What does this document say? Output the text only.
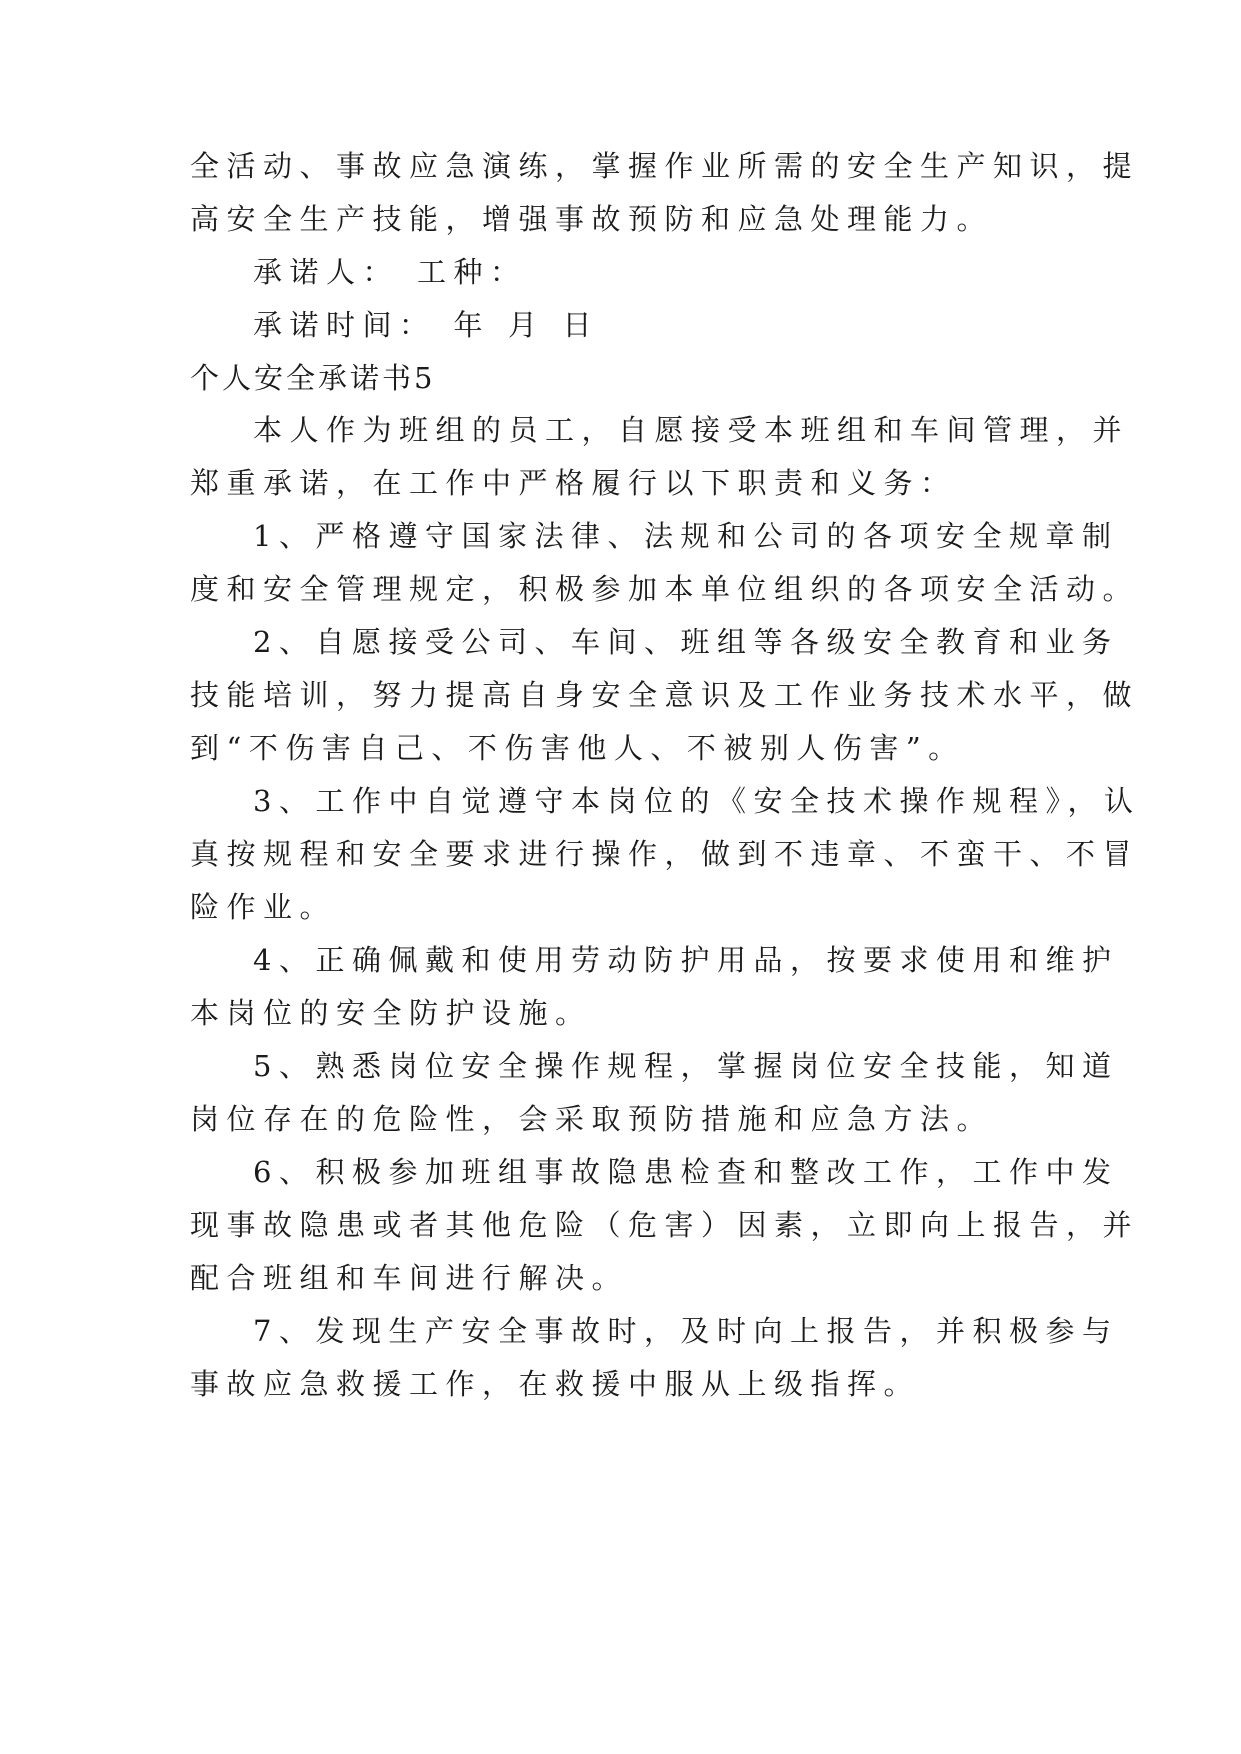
全活动、事故应急演练，掌握作业所需的安全生产知识，提
高安全生产技能，增强事故预防和应急处理能力。
承诺人： 工种：
承诺时间： 年 月 日
个人安全承诺书5
本人作为班组的员工，自愿接受本班组和车间管理，并
郑重承诺，在工作中严格履行以下职责和义务：
1、严格遵守国家法律、法规和公司的各项安全规章制
度和安全管理规定，积极参加本单位组织的各项安全活动。
2、自愿接受公司、车间、班组等各级安全教育和业务
技能培训，努力提高自身安全意识及工作业务技术水平，做
到“不伤害自己、不伤害他人、不被别人伤害”。
3、工作中自觉遵守本岗位的《安全技术操作规程》，认
真按规程和安全要求进行操作，做到不违章、不蛮干、不冒
险作业。
4、正确佩戴和使用劳动防护用品，按要求使用和维护
本岗位的安全防护设施。
5、熟悉岗位安全操作规程，掌握岗位安全技能，知道
岗位存在的危险性，会采取预防措施和应急方法。
6、积极参加班组事故隐患检查和整改工作，工作中发
现事故隐患或者其他危险（危害）因素，立即向上报告，并
配合班组和车间进行解决。
7、发现生产安全事故时，及时向上报告，并积极参与
事故应急救援工作，在救援中服从上级指挥。
